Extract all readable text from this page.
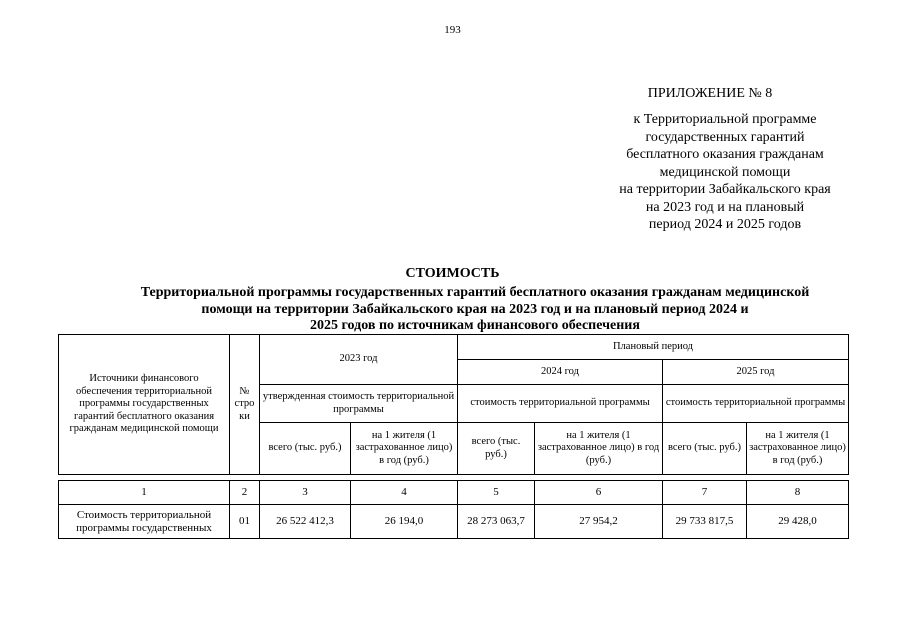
193
ПРИЛОЖЕНИЕ № 8
к Территориальной программе
государственных гарантий
бесплатного оказания гражданам
медицинской помощи
на территории Забайкальского края
на 2023 год и на плановый
период 2024 и 2025 годов
СТОИМОСТЬ
Территориальной программы государственных гарантий бесплатного оказания гражданам медицинской
помощи на территории Забайкальского края на 2023 год и на плановый период 2024 и
2025 годов по источникам финансового обеспечения
Источники финансового обеспечения территориальной программы государственных гарантий бесплатного оказания гражданам медицинской помощи	№ стро ки	2023 год		Плановый период			
				2024 год		2025 год	
		утвержденная стоимость территориальной программы		стоимость территориальной программы		стоимость территориальной программы	
		всего (тыс. руб.)	на 1 жителя (1 застрахованное лицо) в год (руб.)	всего (тыс. руб.)	на 1 жителя (1 застрахованное лицо) в год (руб.)	всего (тыс. руб.)	на 1 жителя (1 застрахованное лицо) в год (руб.)

1	2	3	4	5	6	7	8
Стоимость территориальной программы государственных	01	26 522 412,3	26 194,0	28 273 063,7	27 954,2	29 733 817,5	29 428,0
